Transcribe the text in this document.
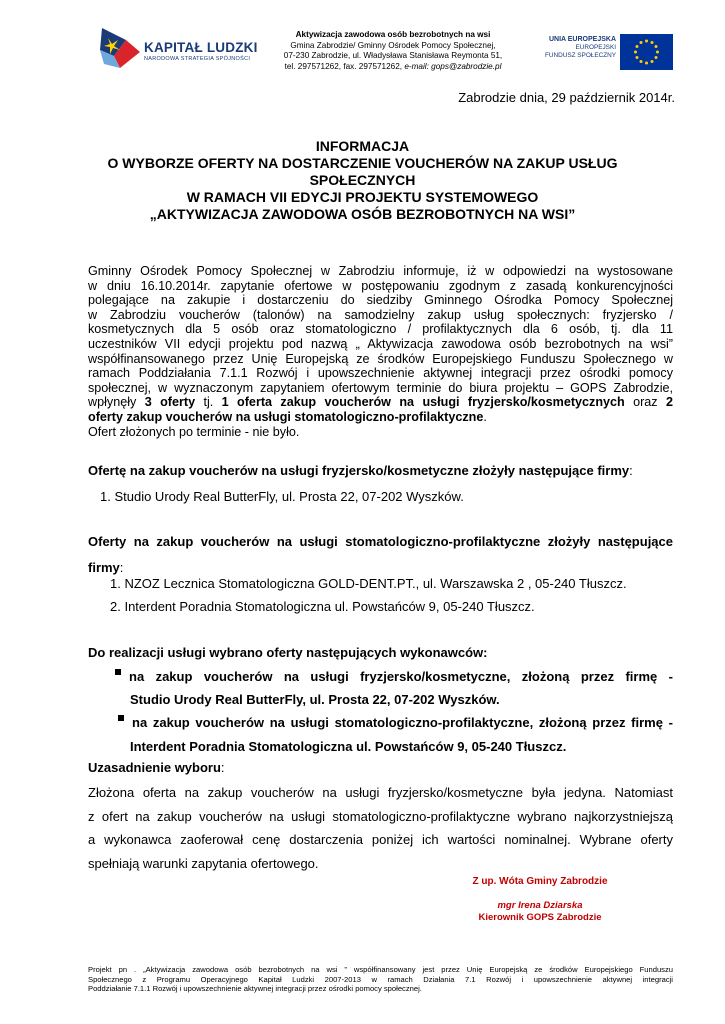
KAPITAŁ LUDZKI
NARODOWA STRATEGIA SPÓJNOŚCI
Aktywizacja zawodowa osób bezrobotnych na wsi
Gmina Zabrodzie/ Gminny Ośrodek Pomocy Społecznej,
07-230 Zabrodzie, ul. Władysława Stanisława Reymonta 51,
tel. 297571262, fax. 297571262, e-mail: gops@zabrodzie.pl
UNIA EUROPEJSKA
EUROPEJSKI
FUNDUSZ SPOŁECZNY
Zabrodzie dnia, 29 październik 2014r.
INFORMACJA
O WYBORZE OFERTY NA DOSTARCZENIE VOUCHERÓW NA ZAKUP USŁUG
SPOŁECZNYCH
W RAMACH VII EDYCJI PROJEKTU SYSTEMOWEGO
„AKTYWIZACJA ZAWODOWA OSÓB BEZROBOTNYCH NA WSI”
Gminny Ośrodek Pomocy Społecznej w Zabrodziu informuje, iż w odpowiedzi na wystosowane
w dniu 16.10.2014r. zapytanie ofertowe w postępowaniu zgodnym z zasadą konkurencyjności
polegające na zakupie i dostarczeniu do siedziby Gminnego Ośrodka Pomocy Społecznej
w Zabrodziu voucherów (talonów) na samodzielny zakup usług społecznych: fryzjersko /
kosmetycznych dla 5 osób oraz stomatologiczno / profilaktycznych dla 6 osób, tj. dla 11
uczestników VII edycji projektu pod nazwą „ Aktywizacja zawodowa osób bezrobotnych na wsi”
współfinansowanego przez Unię Europejską ze środków Europejskiego Funduszu Społecznego w
ramach Poddziałania 7.1.1 Rozwój i upowszechnienie aktywnej integracji przez ośrodki pomocy
społecznej, w wyznaczonym zapytaniem ofertowym terminie do biura projektu – GOPS Zabrodzie,
wpłynęły 3 oferty tj. 1 oferta zakup voucherów na usługi fryzjersko/kosmetycznych oraz 2
oferty zakup voucherów na usługi stomatologiczno-profilaktyczne.
Ofert złożonych po terminie - nie było.
Ofertę na zakup voucherów na usługi fryzjersko/kosmetyczne złożyły następujące firmy:
1. Studio Urody Real ButterFly, ul. Prosta 22, 07-202 Wyszków.
Oferty na zakup voucherów na usługi stomatologiczno-profilaktyczne złożyły następujące
firmy:
1. NZOZ Lecznica Stomatologiczna GOLD-DENT.PT., ul. Warszawska 2 , 05-240 Tłuszcz.
2. Interdent Poradnia Stomatologiczna ul. Powstańców 9, 05-240 Tłuszcz.
Do realizacji usługi wybrano oferty następujących wykonawców:
na zakup voucherów na usługi fryzjersko/kosmetyczne, złożoną przez firmę -
Studio Urody Real ButterFly, ul. Prosta 22, 07-202 Wyszków.
na zakup voucherów na usługi stomatologiczno-profilaktyczne, złożoną przez firmę -
Interdent Poradnia Stomatologiczna ul. Powstańców 9, 05-240 Tłuszcz.
Uzasadnienie wyboru:
Złożona oferta na zakup voucherów na usługi fryzjersko/kosmetyczne była jedyna. Natomiast
z ofert na zakup voucherów na usługi stomatologiczno-profilaktyczne wybrano najkorzystniejszą
a wykonawca zaoferował cenę dostarczenia poniżej ich wartości nominalnej. Wybrane oferty
spełniają warunki zapytania ofertowego.
Z up. Wóta Gminy Zabrodzie
mgr Irena Dziarska
Kierownik GOPS Zabrodzie
Projekt pn . „Aktywizacja zawodowa osób bezrobotnych na wsi ” współfinansowany jest przez Unię Europejską ze środków Europejskiego Funduszu
Społecznego z Programu Operacyjnego Kapitał Ludzki 2007-2013 w ramach Działania 7.1 Rozwój i upowszechnienie aktywnej integracji
Poddziałanie 7.1.1 Rozwój i upowszechnienie aktywnej integracji przez ośrodki pomocy społecznej.
